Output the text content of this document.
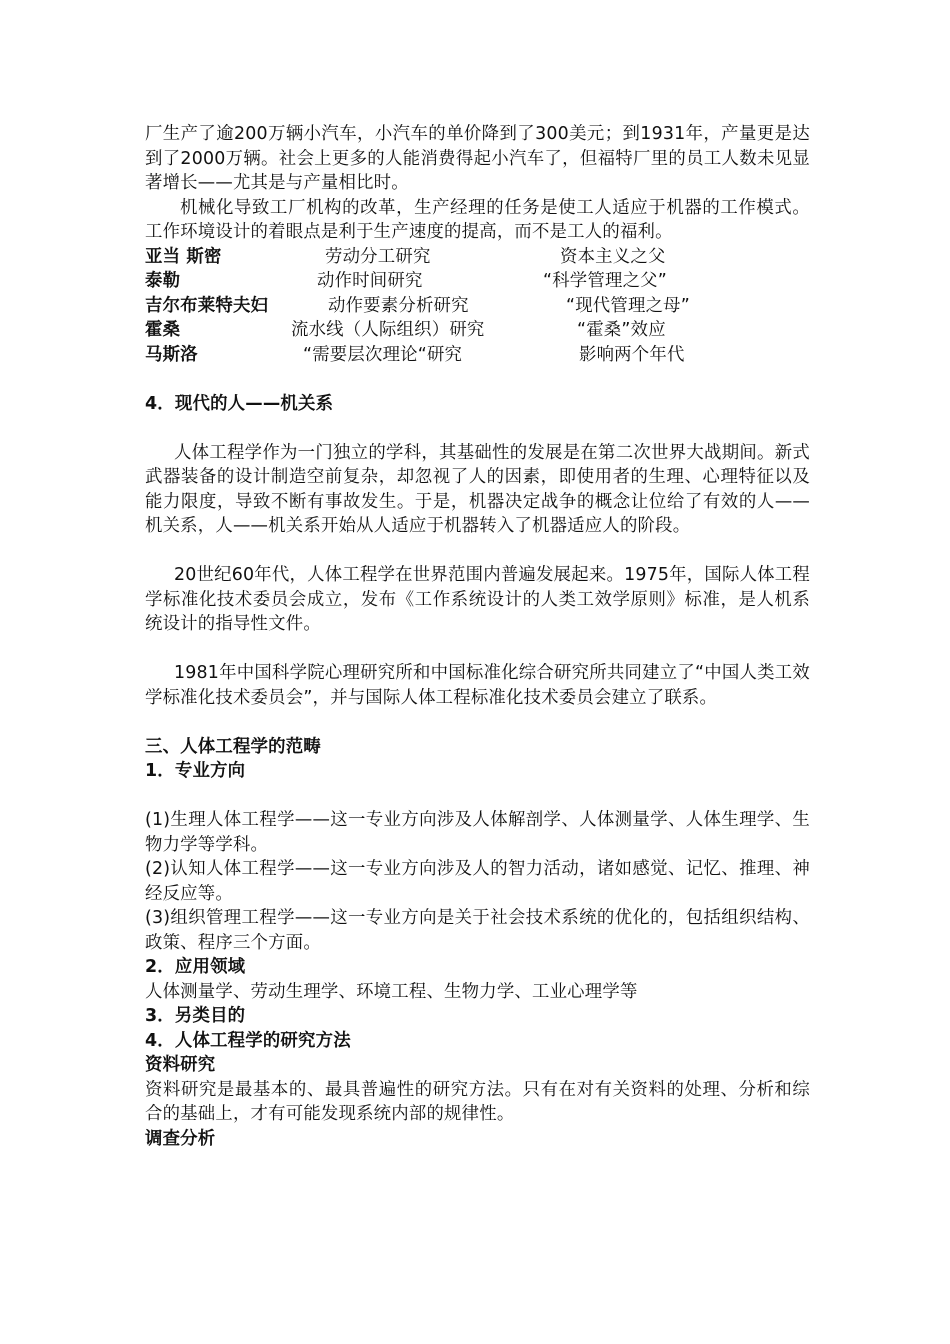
厂生产了逾200万辆小汽车，小汽车的单价降到了300美元；到1931年，产量更是达到了2000万辆。社会上更多的人能消费得起小汽车了，但福特厂里的员工人数未见显著增长——尤其是与产量相比时。

机械化导致工厂机构的改革，生产经理的任务是使工人适应于机器的工作模式。工作环境设计的着眼点是利于生产速度的提高，而不是工人的福利。

亚当 斯密	劳动分工研究	资本主义之父
泰勒	动作时间研究	“科学管理之父”
吉尔布莱特夫妇	动作要素分析研究	“现代管理之母”
霍桑	流水线（人际组织）研究	“霍桑”效应
马斯洛	“需要层次理论“研究	影响两个年代

4．现代的人——机关系

人体工程学作为一门独立的学科，其基础性的发展是在第二次世界大战期间。新式武器装备的设计制造空前复杂，却忽视了人的因素，即使用者的生理、心理特征以及能力限度，导致不断有事故发生。于是，机器决定战争的概念让位给了有效的人——机关系，人——机关系开始从人适应于机器转入了机器适应人的阶段。

20世纪60年代，人体工程学在世界范围内普遍发展起来。1975年，国际人体工程学标准化技术委员会成立，发布《工作系统设计的人类工效学原则》标准，是人机系统设计的指导性文件。

1981年中国科学院心理研究所和中国标准化综合研究所共同建立了“中国人类工效学标准化技术委员会”，并与国际人体工程标准化技术委员会建立了联系。

三、人体工程学的范畴

1．专业方向

(1)生理人体工程学——这一专业方向涉及人体解剖学、人体测量学、人体生理学、生物力学等学科。

(2)认知人体工程学——这一专业方向涉及人的智力活动，诸如感觉、记忆、推理、神经反应等。

(3)组织管理工程学——这一专业方向是关于社会技术系统的优化的，包括组织结构、政策、程序三个方面。

2．应用领域

人体测量学、劳动生理学、环境工程、生物力学、工业心理学等

3．另类目的

4．人体工程学的研究方法

资料研究

资料研究是最基本的、最具普遍性的研究方法。只有在对有关资料的处理、分析和综合的基础上，才有可能发现系统内部的规律性。

调查分析
